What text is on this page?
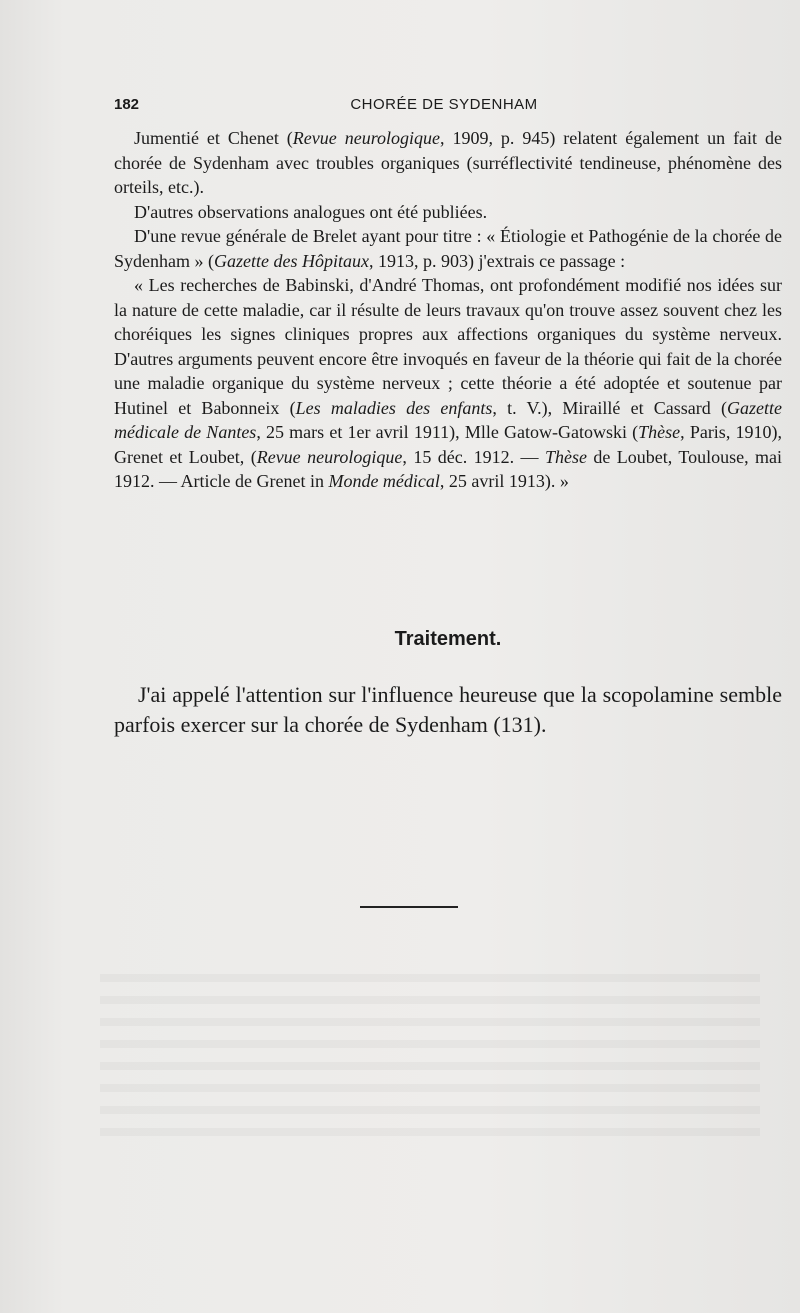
182	CHORÉE DE SYDENHAM

Jumentié et Chenet (Revue neurologique, 1909, p. 945) relatent également un fait de chorée de Sydenham avec troubles organiques (surréflectivité tendineuse, phénomène des orteils, etc.).

D'autres observations analogues ont été publiées.

D'une revue générale de Brelet ayant pour titre : « Étiologie et Pathogénie de la chorée de Sydenham » (Gazette des Hôpitaux, 1913, p. 903) j'extrais ce passage :

« Les recherches de Babinski, d'André Thomas, ont profondément modifié nos idées sur la nature de cette maladie, car il résulte de leurs travaux qu'on trouve assez souvent chez les choréiques les signes cliniques propres aux affections organiques du système nerveux. D'autres arguments peuvent encore être invoqués en faveur de la théorie qui fait de la chorée une maladie organique du système nerveux ; cette théorie a été adoptée et soutenue par Hutinel et Babonneix (Les maladies des enfants, t. V.), Miraillé et Cassard (Gazette médicale de Nantes, 25 mars et 1er avril 1911), Mlle Gatow-Gatowski (Thèse, Paris, 1910), Grenet et Loubet, (Revue neurologique, 15 déc. 1912. — Thèse de Loubet, Toulouse, mai 1912. — Article de Grenet in Monde médical, 25 avril 1913). »

Traitement.

J'ai appelé l'attention sur l'influence heureuse que la scopolamine semble parfois exercer sur la chorée de Sydenham (131).
